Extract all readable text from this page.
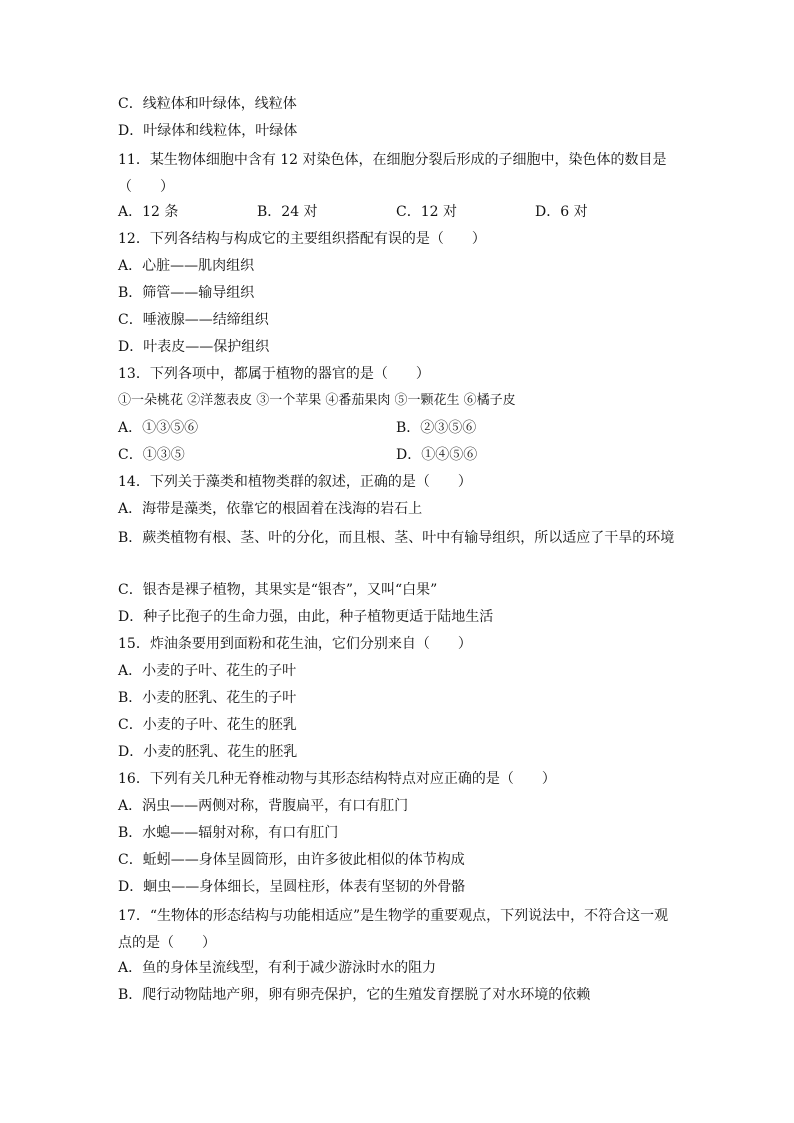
C．线粒体和叶绿体，线粒体
D．叶绿体和线粒体，叶绿体
11．某生物体细胞中含有 12 对染色体，在细胞分裂后形成的子细胞中，染色体的数目是（　　）
A．12 条	B．24 对	C．12 对	D．6 对
12．下列各结构与构成它的主要组织搭配有误的是（　　）
A．心脏——肌肉组织
B．筛管——输导组织
C．唾液腺——结缔组织
D．叶表皮——保护组织
13．下列各项中，都属于植物的器官的是（　　）
①一朵桃花 ②洋葱表皮 ③一个苹果 ④番茄果肉 ⑤一颗花生 ⑥橘子皮
A．①③⑤⑥	B．②③⑤⑥
C．①③⑤	D．①④⑤⑥
14．下列关于藻类和植物类群的叙述，正确的是（　　）
A．海带是藻类，依靠它的根固着在浅海的岩石上
B．蕨类植物有根、茎、叶的分化，而且根、茎、叶中有输导组织，所以适应了干旱的环境
C．银杏是裸子植物，其果实是“银杏”，又叫“白果”
D．种子比孢子的生命力强，由此，种子植物更适于陆地生活
15．炸油条要用到面粉和花生油，它们分别来自（　　）
A．小麦的子叶、花生的子叶
B．小麦的胚乳、花生的子叶
C．小麦的子叶、花生的胚乳
D．小麦的胚乳、花生的胚乳
16．下列有关几种无脊椎动物与其形态结构特点对应正确的是（　　）
A．涡虫——两侧对称，背腹扁平，有口有肛门
B．水螅——辐射对称，有口有肛门
C．蚯蚓——身体呈圆筒形，由许多彼此相似的体节构成
D．蛔虫——身体细长，呈圆柱形，体表有坚韧的外骨骼
17．“生物体的形态结构与功能相适应”是生物学的重要观点，下列说法中，不符合这一观点的是（　　）
A．鱼的身体呈流线型，有利于减少游泳时水的阻力
B．爬行动物陆地产卵，卵有卵壳保护，它的生殖发育摆脱了对水环境的依赖
